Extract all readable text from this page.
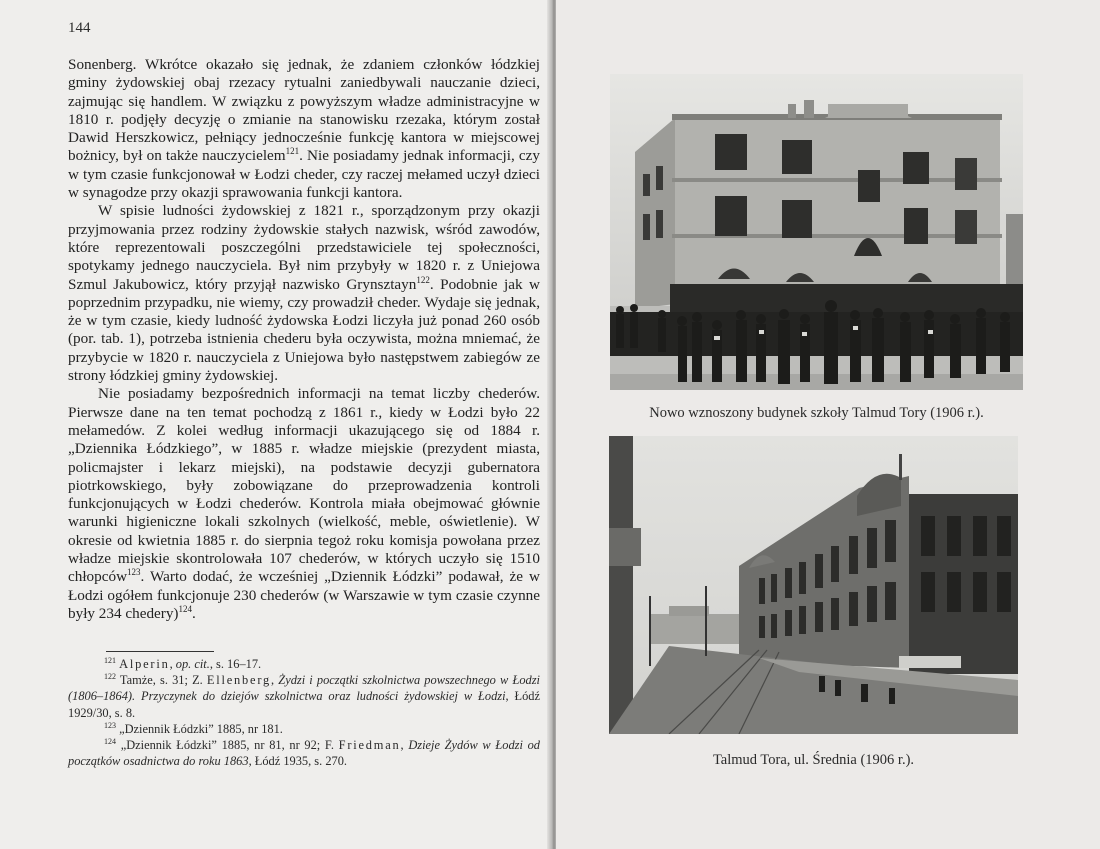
144

Sonenberg. Wkrótce okazało się jednak, że zdaniem członków łódzkiej gminy żydowskiej obaj rzezacy rytualni zaniedbywali nauczanie dzieci, zajmując się handlem. W związku z powyższym władze administracyjne w 1810 r. podjęły decyzję o zmianie na stanowisku rzezaka, którym został Dawid Herszkowicz, pełniący jednocześnie funkcję kantora w miejscowej bożnicy, był on także nauczycielem$^{121}$. Nie posiadamy jednak informacji, czy w tym czasie funkcjonował w Łodzi cheder, czy raczej mełamed uczył dzieci w synagodze przy okazji sprawowania funkcji kantora.

W spisie ludności żydowskiej z 1821 r., sporządzonym przy okazji przyjmowania przez rodziny żydowskie stałych nazwisk, wśród zawodów, które reprezentowali poszczególni przedstawiciele tej społeczności, spotykamy jednego nauczyciela. Był nim przybyły w 1820 r. z Uniejowa Szmul Jakubowicz, który przyjął nazwisko Grynsztayn$^{122}$. Podobnie jak w poprzednim przypadku, nie wiemy, czy prowadził cheder. Wydaje się jednak, że w tym czasie, kiedy ludność żydowska Łodzi liczyła już ponad 260 osób (por. tab. 1), potrzeba istnienia chederu była oczywista, można mniemać, że przybycie w 1820 r. nauczyciela z Uniejowa było następstwem zabiegów ze strony łódzkiej gminy żydowskiej.

Nie posiadamy bezpośrednich informacji na temat liczby chederów. Pierwsze dane na ten temat pochodzą z 1861 r., kiedy w Łodzi było 22 mełamedów. Z kolei według informacji ukazującego się od 1884 r. „Dziennika Łódzkiego”, w 1885 r. władze miejskie (prezydent miasta, policmajster i lekarz miejski), na podstawie decyzji gubernatora piotrkowskiego, były zobowiązane do przeprowadzenia kontroli funkcjonujących w Łodzi chederów. Kontrola miała obejmować głównie warunki higieniczne lokali szkolnych (wielkość, meble, oświetlenie). W okresie od kwietnia 1885 r. do sierpnia tegoż roku komisja powołana przez władze miejskie skontrolowała 107 chederów, w których uczyło się 1510 chłopców$^{123}$. Warto dodać, że wcześniej „Dziennik Łódzki” podawał, że w Łodzi ogółem funkcjonuje 230 chederów (w Warszawie w tym czasie czynne były 234 chedery)$^{124}$.

$^{121}$ Alperin, op. cit., s. 16–17.

$^{122}$ Tamże, s. 31; Z. Ellenberg, Żydzi i początki szkolnictwa powszechnego w Łodzi (1806–1864). Przyczynek do dziejów szkolnictwa oraz ludności żydowskiej w Łodzi, Łódź 1929/30, s. 8.

$^{123}$ „Dziennik Łódzki” 1885, nr 181.

$^{124}$ „Dziennik Łódzki” 1885, nr 81, nr 92; F. Friedman, Dzieje Żydów w Łodzi od początków osadnictwa do roku 1863, Łódź 1935, s. 270.

Nowo wznoszony budynek szkoły Talmud Tory (1906 r.).
Talmud Tora, ul. Średnia (1906 r.).
